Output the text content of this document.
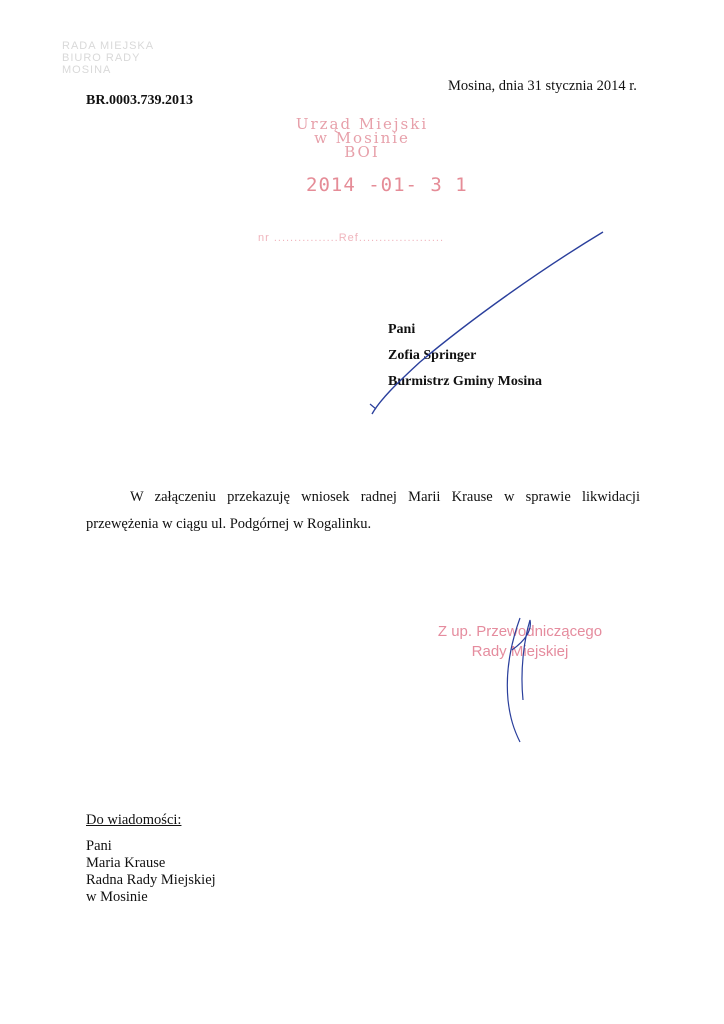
RADA MIEJSKA
BIURO RADY
MOSINA
Mosina, dnia 31 stycznia 2014 r.
BR.0003.739.2013
Urząd Miejski
w Mosinie
BOI
2014 -01- 3 1
nr ................Ref.....................
Pani
Zofia Springer
Burmistrz Gminy Mosina
W załączeniu przekazuję wniosek radnej Marii Krause w sprawie likwidacji przewężenia w ciągu ul. Podgórnej w Rogalinku.
Z up. Przewodniczącego
Rady Miejskiej
Do wiadomości:
Pani
Maria Krause
Radna Rady Miejskiej
w Mosinie
